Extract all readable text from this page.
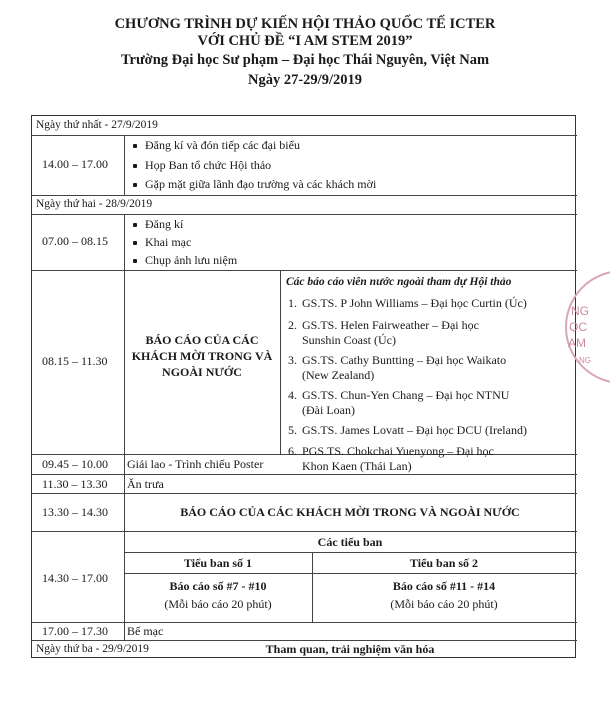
CHƯƠNG TRÌNH DỰ KIẾN HỘI THẢO QUỐC TẾ ICTER
VỚI CHỦ ĐỀ “I AM STEM 2019”
Trường Đại học Sư phạm – Đại học Thái Nguyên, Việt Nam
Ngày 27-29/9/2019
Ngày thứ nhất - 27/9/2019
14.00 – 17.00
Đăng kí và đón tiếp các đại biểu
Họp Ban tổ chức Hội thảo
Gặp mặt giữa lãnh đạo trường và các khách mời
Ngày thứ hai - 28/9/2019
07.00 – 08.15
Đăng kí
Khai mạc
Chụp ảnh lưu niệm
08.15 – 11.30
BÁO CÁO CỦA CÁC
KHÁCH MỜI TRONG VÀ
NGOÀI NƯỚC
Các báo cáo viên nước ngoài tham dự Hội thảo
1. GS.TS. P John Williams – Đại học Curtin (Úc)
2. GS.TS. Helen Fairweather – Đại học
Sunshin Coast (Úc)
3. GS.TS. Cathy Buntting – Đại học Waikato
(New Zealand)
4. GS.TS. Chun-Yen Chang – Đại học NTNU
(Đài Loan)
5. GS.TS. James Lovatt – Đại học DCU (Ireland)
6. PGS.TS. Chokchai Yuenyong – Đại học
Khon Kaen (Thái Lan)
09.45 – 10.00 Giải lao - Trình chiếu Poster
11.30 – 13.30 Ăn trưa
13.30 – 14.30	BÁO CÁO CỦA CÁC KHÁCH MỜI TRONG VÀ NGOÀI NƯỚC
Các tiểu ban
14.30 – 17.00
Tiểu ban số 1
Báo cáo số #7 - #10
(Mỗi báo cáo 20 phút)
Tiểu ban số 2
Báo cáo số #11 - #14
(Mỗi báo cáo 20 phút)
17.00 – 17.30 Bế mạc
Ngày thứ ba - 29/9/2019	Tham quan, trải nghiệm văn hóa
NG
ỌC
AM
NG
